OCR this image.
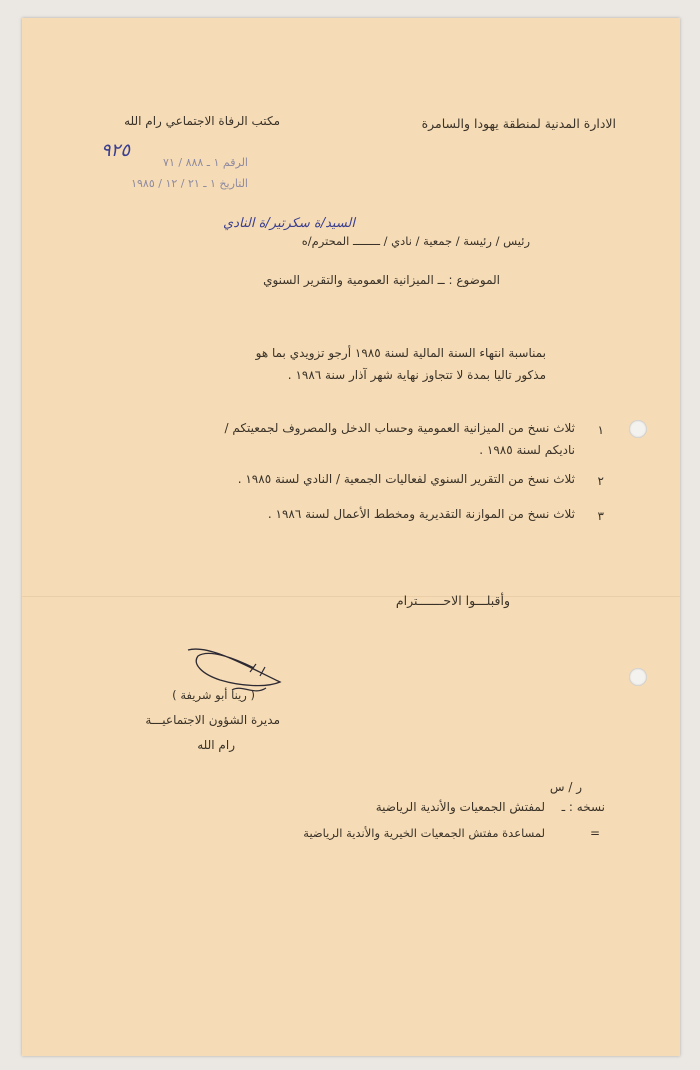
مكتب الرفاة الاجتماعي رام الله	الادارة المدنية لمنطقة يهودا والسامرة
٩٢٥
الرقم ١ ـ ٨٨٨ / ٧١
التاريخ ١ ـ ٢١ / ١٢ / ١٩٨٥
السيد/ة سكرتير/ة النادي
رئيس / رئيسة / جمعية / نادي / ــــــــ المحترم/ه
الموضوع : ــ الميزانية العمومية والتقرير السنوي
بمناسبة انتهاء السنة المالية لسنة ١٩٨٥ أرجو تزويدي بما هو
مذكور تاليا بمدة لا تتجاوز نهاية شهر آذار سنة ١٩٨٦ .
١
ثلاث نسخ من الميزانية العمومية وحساب الدخل والمصروف لجمعيتكم /
ناديكم لسنة ١٩٨٥ .
٢
ثلاث نسخ من التقرير السنوي لفعاليات الجمعية / النادي لسنة ١٩٨٥ .
٣
ثلاث نسخ من الموازنة التقديرية ومخطط الأعمال لسنة ١٩٨٦ .
وأقبلـــوا الاحـــــــترام
( رينا أبو شريفة )
مديرة الشؤون الاجتماعيـــة
رام الله
ر / س
نسخه : ـ
لمفتش الجمعيات والأندية الرياضية
=
لمساعدة مفتش الجمعيات الخيرية والأندية الرياضية
